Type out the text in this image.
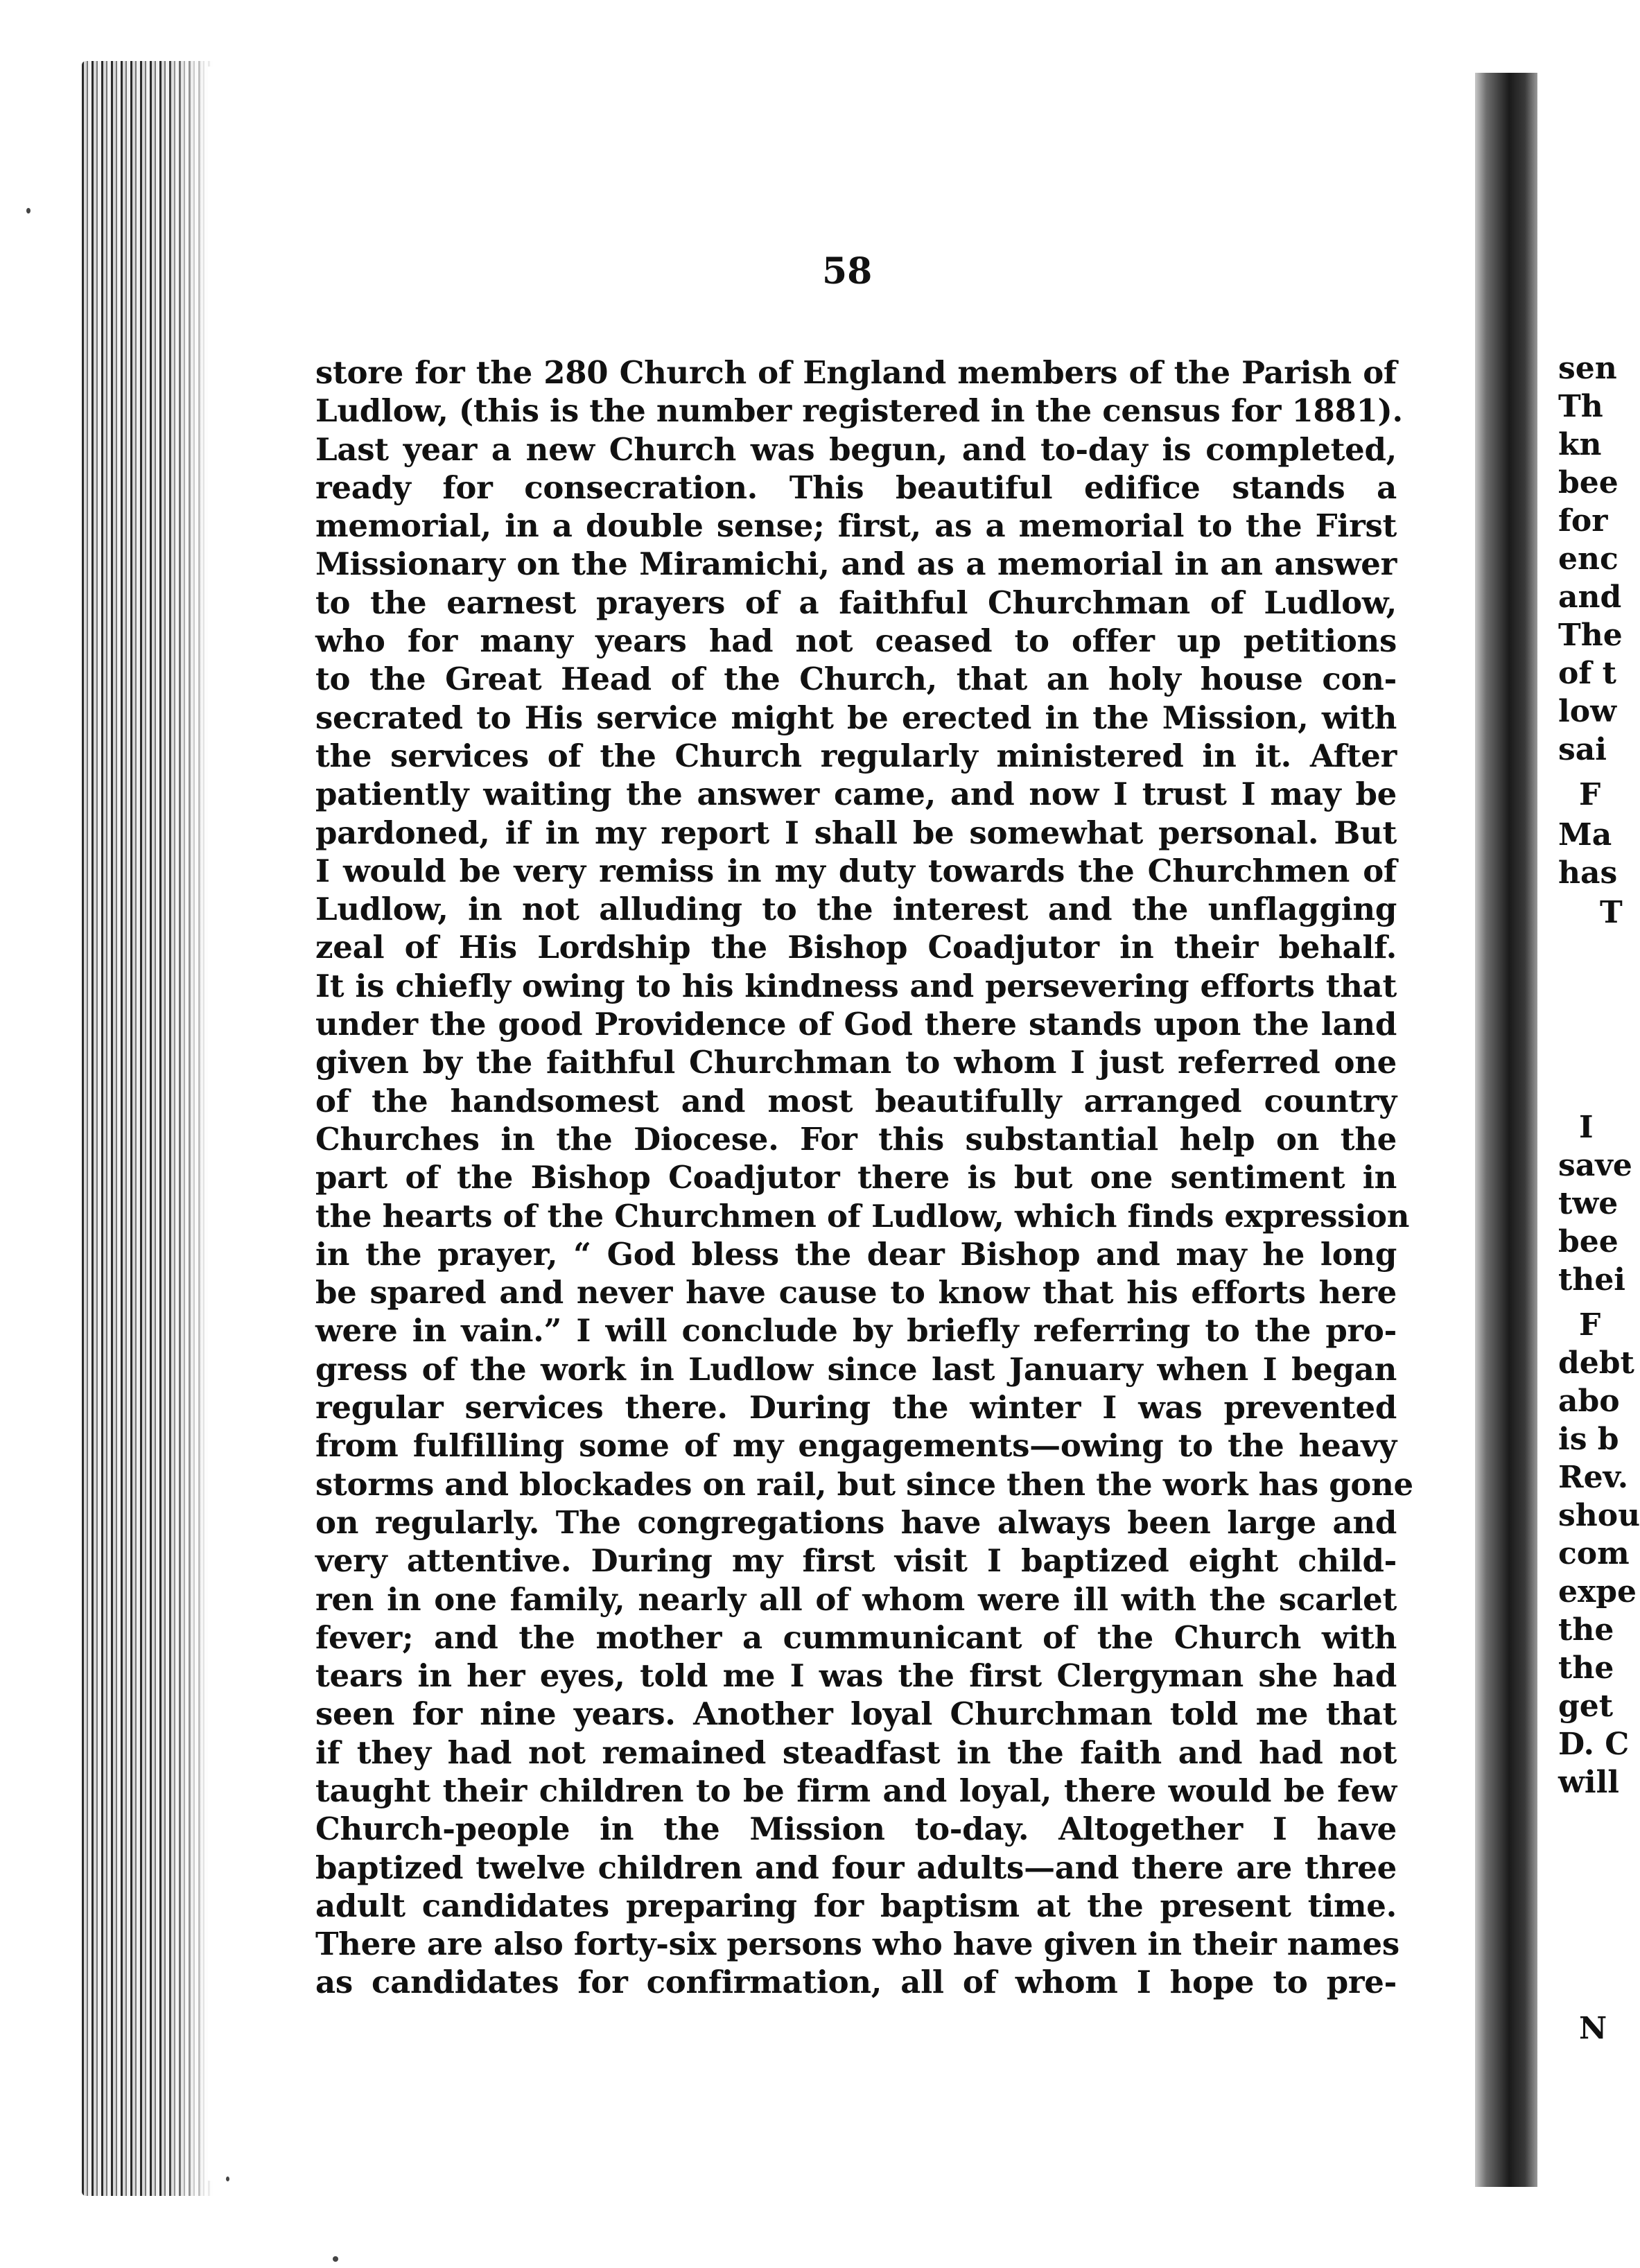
58
store for the 280 Church of England members of the Parish of
Ludlow, (this is the number registered in the census for 1881).
Last year a new Church was begun, and to-day is completed,
ready for consecration. This beautiful edifice stands a
memorial, in a double sense; first, as a memorial to the First
Missionary on the Miramichi, and as a memorial in an answer
to the earnest prayers of a faithful Churchman of Ludlow,
who for many years had not ceased to offer up petitions
to the Great Head of the Church, that an holy house con-
secrated to His service might be erected in the Mission, with
the services of the Church regularly ministered in it. After
patiently waiting the answer came, and now I trust I may be
pardoned, if in my report I shall be somewhat personal. But
I would be very remiss in my duty towards the Churchmen of
Ludlow, in not alluding to the interest and the unflagging
zeal of His Lordship the Bishop Coadjutor in their behalf.
It is chiefly owing to his kindness and persevering efforts that
under the good Providence of God there stands upon the land
given by the faithful Churchman to whom I just referred one
of the handsomest and most beautifully arranged country
Churches in the Diocese. For this substantial help on the
part of the Bishop Coadjutor there is but one sentiment in
the hearts of the Churchmen of Ludlow, which finds expression
in the prayer, “ God bless the dear Bishop and may he long
be spared and never have cause to know that his efforts here
were in vain.” I will conclude by briefly referring to the pro-
gress of the work in Ludlow since last January when I began
regular services there. During the winter I was prevented
from fulfilling some of my engagements—owing to the heavy
storms and blockades on rail, but since then the work has gone
on regularly. The congregations have always been large and
very attentive. During my first visit I baptized eight child-
ren in one family, nearly all of whom were ill with the scarlet
fever; and the mother a cummunicant of the Church with
tears in her eyes, told me I was the first Clergyman she had
seen for nine years. Another loyal Churchman told me that
if they had not remained steadfast in the faith and had not
taught their children to be firm and loyal, there would be few
Church-people in the Mission to-day. Altogether I have
baptized twelve children and four adults—and there are three
adult candidates preparing for baptism at the present time.
There are also forty-six persons who have given in their names
as candidates for confirmation, all of whom I hope to pre-
sen
Th
kn
bee
for
enc
and
The
of t
low
sai
F
Ma
has
T
I
save
twe
bee
thei
F
debt
abo
is b
Rev.
shou
com
expe
the
the
get
D. C
will
N
